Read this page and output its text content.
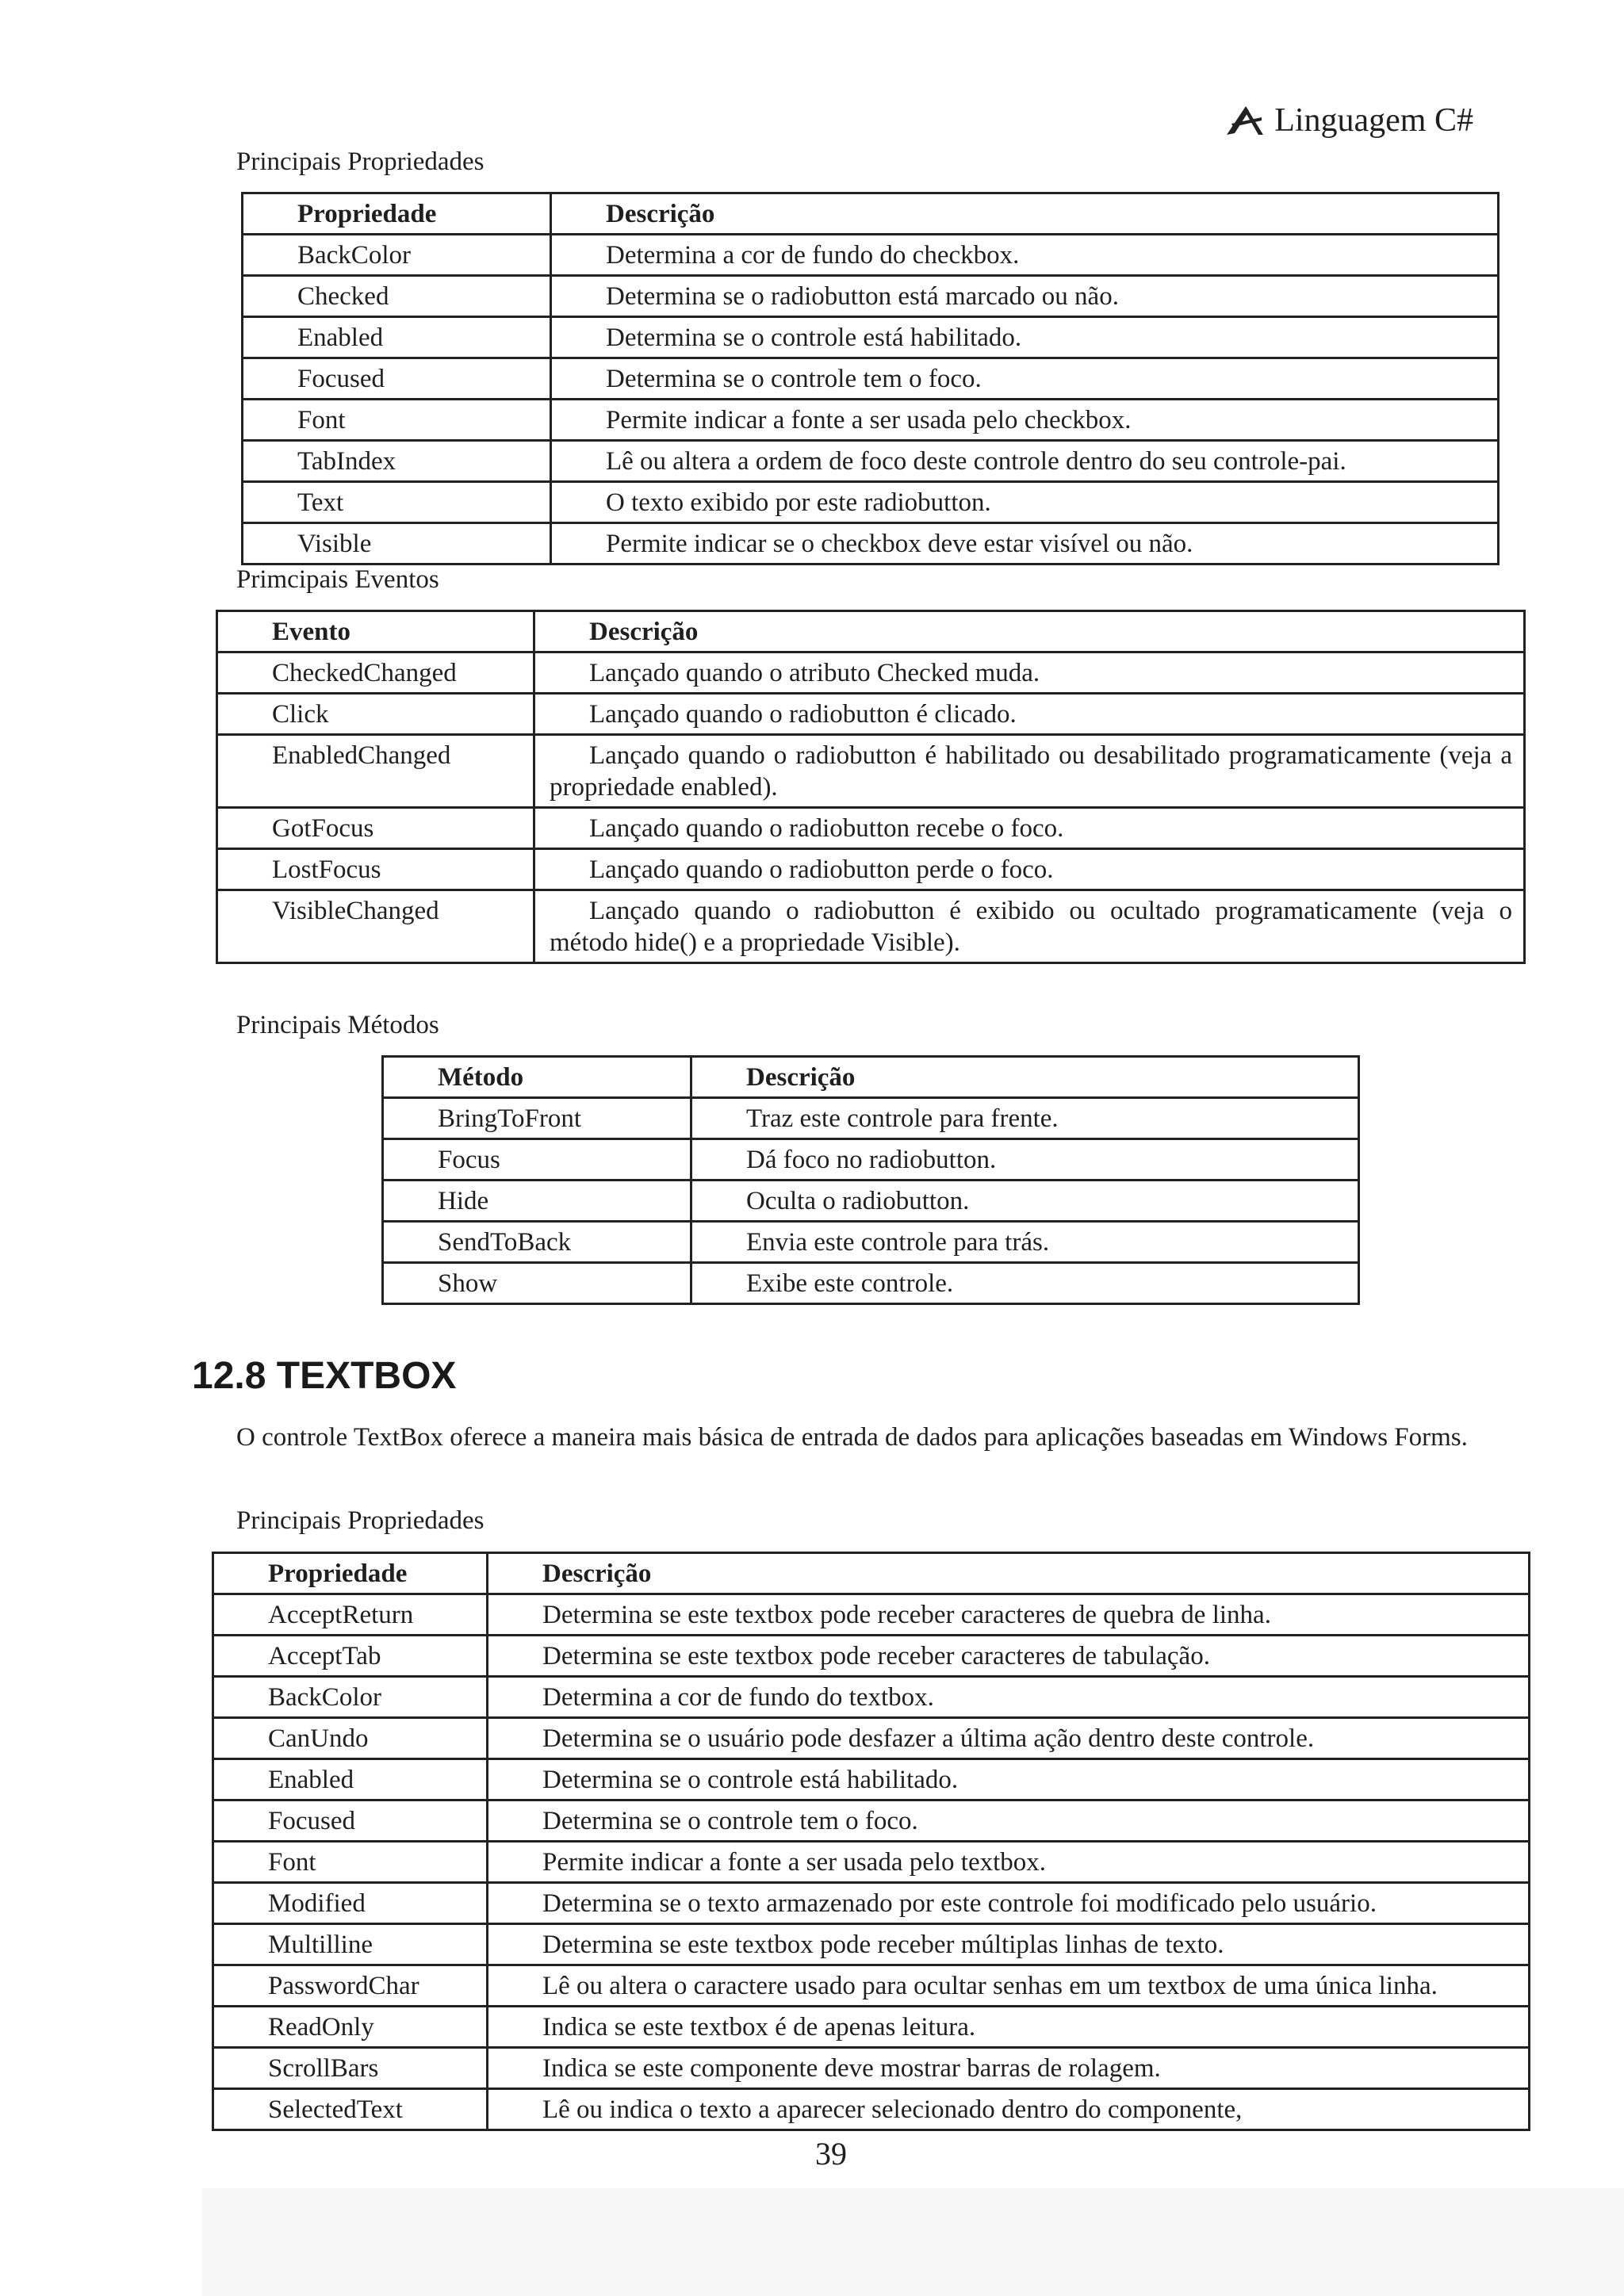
Linguagem C#

Principais Propriedades

Propriedade	Descrição
BackColor	Determina a cor de fundo do checkbox.
Checked	Determina se o radiobutton está marcado ou não.
Enabled	Determina se o controle está habilitado.
Focused	Determina se o controle tem o foco.
Font	Permite indicar a fonte a ser usada pelo checkbox.
TabIndex	Lê ou altera a ordem de foco deste controle dentro do seu controle-pai.
Text	O texto exibido por este radiobutton.
Visible	Permite indicar se o checkbox deve estar visível ou não.

Primcipais Eventos

Evento	Descrição
CheckedChanged	Lançado quando o atributo Checked muda.
Click	Lançado quando o radiobutton é clicado.
EnabledChanged	Lançado quando o radiobutton é habilitado ou desabilitado programaticamente (veja a propriedade enabled).
GotFocus	Lançado quando o radiobutton recebe o foco.
LostFocus	Lançado quando o radiobutton perde o foco.
VisibleChanged	Lançado quando o radiobutton é exibido ou ocultado programaticamente (veja o método hide() e a propriedade Visible).

Principais Métodos

Método	Descrição
BringToFront	Traz este controle para frente.
Focus	Dá foco no radiobutton.
Hide	Oculta o radiobutton.
SendToBack	Envia este controle para trás.
Show	Exibe este controle.
12.8 TEXTBOX

O controle TextBox oferece a maneira mais básica de entrada de dados para aplicações baseadas em Windows Forms.

Principais Propriedades

Propriedade	Descrição
AcceptReturn	Determina se este textbox pode receber caracteres de quebra de linha.
AcceptTab	Determina se este textbox pode receber caracteres de tabulação.
BackColor	Determina a cor de fundo do textbox.
CanUndo	Determina se o usuário pode desfazer a última ação dentro deste controle.
Enabled	Determina se o controle está habilitado.
Focused	Determina se o controle tem o foco.
Font	Permite indicar a fonte a ser usada pelo textbox.
Modified	Determina se o texto armazenado por este controle foi modificado pelo usuário.
Multilline	Determina se este textbox pode receber múltiplas linhas de texto.
PasswordChar	Lê ou altera o caractere usado para ocultar senhas em um textbox de uma única linha.
ReadOnly	Indica se este textbox é de apenas leitura.
ScrollBars	Indica se este componente deve mostrar barras de rolagem.
SelectedText	Lê ou indica o texto a aparecer selecionado dentro do componente,

39
